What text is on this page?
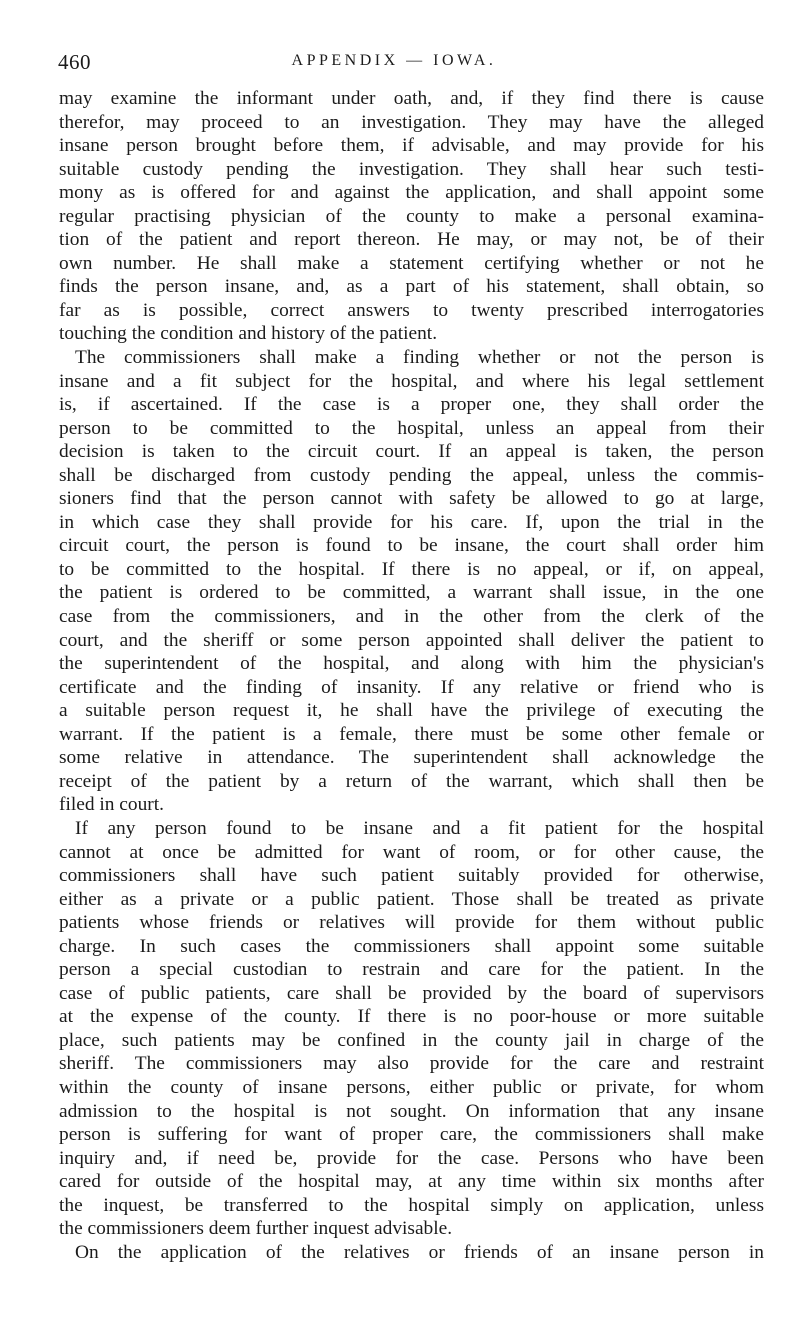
460	APPENDIX — IOWA.
may examine the informant under oath, and, if they find there is cause
therefor, may proceed to an investigation. They may have the alleged
insane person brought before them, if advisable, and may provide for his
suitable custody pending the investigation. They shall hear such testi-
mony as is offered for and against the application, and shall appoint some
regular practising physician of the county to make a personal examina-
tion of the patient and report thereon. He may, or may not, be of their
own number. He shall make a statement certifying whether or not he
finds the person insane, and, as a part of his statement, shall obtain, so
far as is possible, correct answers to twenty prescribed interrogatories
touching the condition and history of the patient.
The commissioners shall make a finding whether or not the person is
insane and a fit subject for the hospital, and where his legal settlement
is, if ascertained. If the case is a proper one, they shall order the
person to be committed to the hospital, unless an appeal from their
decision is taken to the circuit court. If an appeal is taken, the person
shall be discharged from custody pending the appeal, unless the commis-
sioners find that the person cannot with safety be allowed to go at large,
in which case they shall provide for his care. If, upon the trial in the
circuit court, the person is found to be insane, the court shall order him
to be committed to the hospital. If there is no appeal, or if, on appeal,
the patient is ordered to be committed, a warrant shall issue, in the one
case from the commissioners, and in the other from the clerk of the
court, and the sheriff or some person appointed shall deliver the patient to
the superintendent of the hospital, and along with him the physician's
certificate and the finding of insanity. If any relative or friend who is
a suitable person request it, he shall have the privilege of executing the
warrant. If the patient is a female, there must be some other female or
some relative in attendance. The superintendent shall acknowledge the
receipt of the patient by a return of the warrant, which shall then be
filed in court.
If any person found to be insane and a fit patient for the hospital
cannot at once be admitted for want of room, or for other cause, the
commissioners shall have such patient suitably provided for otherwise,
either as a private or a public patient. Those shall be treated as private
patients whose friends or relatives will provide for them without public
charge. In such cases the commissioners shall appoint some suitable
person a special custodian to restrain and care for the patient. In the
case of public patients, care shall be provided by the board of supervisors
at the expense of the county. If there is no poor-house or more suitable
place, such patients may be confined in the county jail in charge of the
sheriff. The commissioners may also provide for the care and restraint
within the county of insane persons, either public or private, for whom
admission to the hospital is not sought. On information that any insane
person is suffering for want of proper care, the commissioners shall make
inquiry and, if need be, provide for the case. Persons who have been
cared for outside of the hospital may, at any time within six months after
the inquest, be transferred to the hospital simply on application, unless
the commissioners deem further inquest advisable.
On the application of the relatives or friends of an insane person in
